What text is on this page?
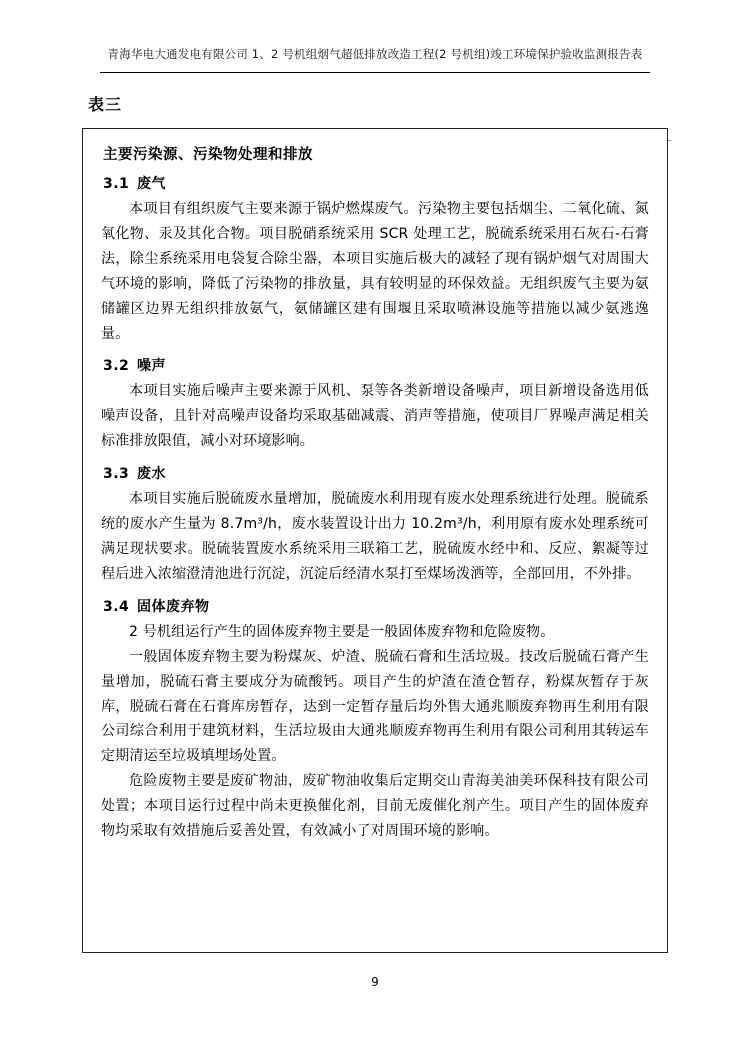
青海华电大通发电有限公司 1、2 号机组烟气超低排放改造工程(2 号机组)竣工环境保护验收监测报告表
表三
主要污染源、污染物处理和排放
3.1 废气

本项目有组织废气主要来源于锅炉燃煤废气。污染物主要包括烟尘、二氧化硫、氮氧化物、汞及其化合物。项目脱硝系统采用 SCR 处理工艺，脱硫系统采用石灰石-石膏法，除尘系统采用电袋复合除尘器，本项目实施后极大的减轻了现有锅炉烟气对周围大气环境的影响，降低了污染物的排放量，具有较明显的环保效益。无组织废气主要为氨储罐区边界无组织排放氨气，氨储罐区建有围堰且采取喷淋设施等措施以减少氨逃逸量。

3.2 噪声

本项目实施后噪声主要来源于风机、泵等各类新增设备噪声，项目新增设备选用低噪声设备，且针对高噪声设备均采取基础减震、消声等措施，使项目厂界噪声满足相关标准排放限值，减小对环境影响。

3.3 废水

本项目实施后脱硫废水量增加，脱硫废水利用现有废水处理系统进行处理。脱硫系统的废水产生量为 8.7m³/h，废水装置设计出力 10.2m³/h，利用原有废水处理系统可满足现状要求。脱硫装置废水系统采用三联箱工艺，脱硫废水经中和、反应、絮凝等过程后进入浓缩澄清池进行沉淀，沉淀后经清水泵打至煤场泼洒等，全部回用，不外排。

3.4 固体废弃物

2 号机组运行产生的固体废弃物主要是一般固体废弃物和危险废物。

一般固体废弃物主要为粉煤灰、炉渣、脱硫石膏和生活垃圾。技改后脱硫石膏产生量增加，脱硫石膏主要成分为硫酸钙。项目产生的炉渣在渣仓暂存，粉煤灰暂存于灰库，脱硫石膏在石膏库房暂存，达到一定暂存量后均外售大通兆顺废弃物再生利用有限公司综合利用于建筑材料，生活垃圾由大通兆顺废弃物再生利用有限公司利用其转运车定期清运至垃圾填埋场处置。

危险废物主要是废矿物油，废矿物油收集后定期交山青海美油美环保科技有限公司处置；本项目运行过程中尚未更换催化剂，目前无废催化剂产生。项目产生的固体废弃物均采取有效措施后妥善处置，有效减小了对周围环境的影响。

9
